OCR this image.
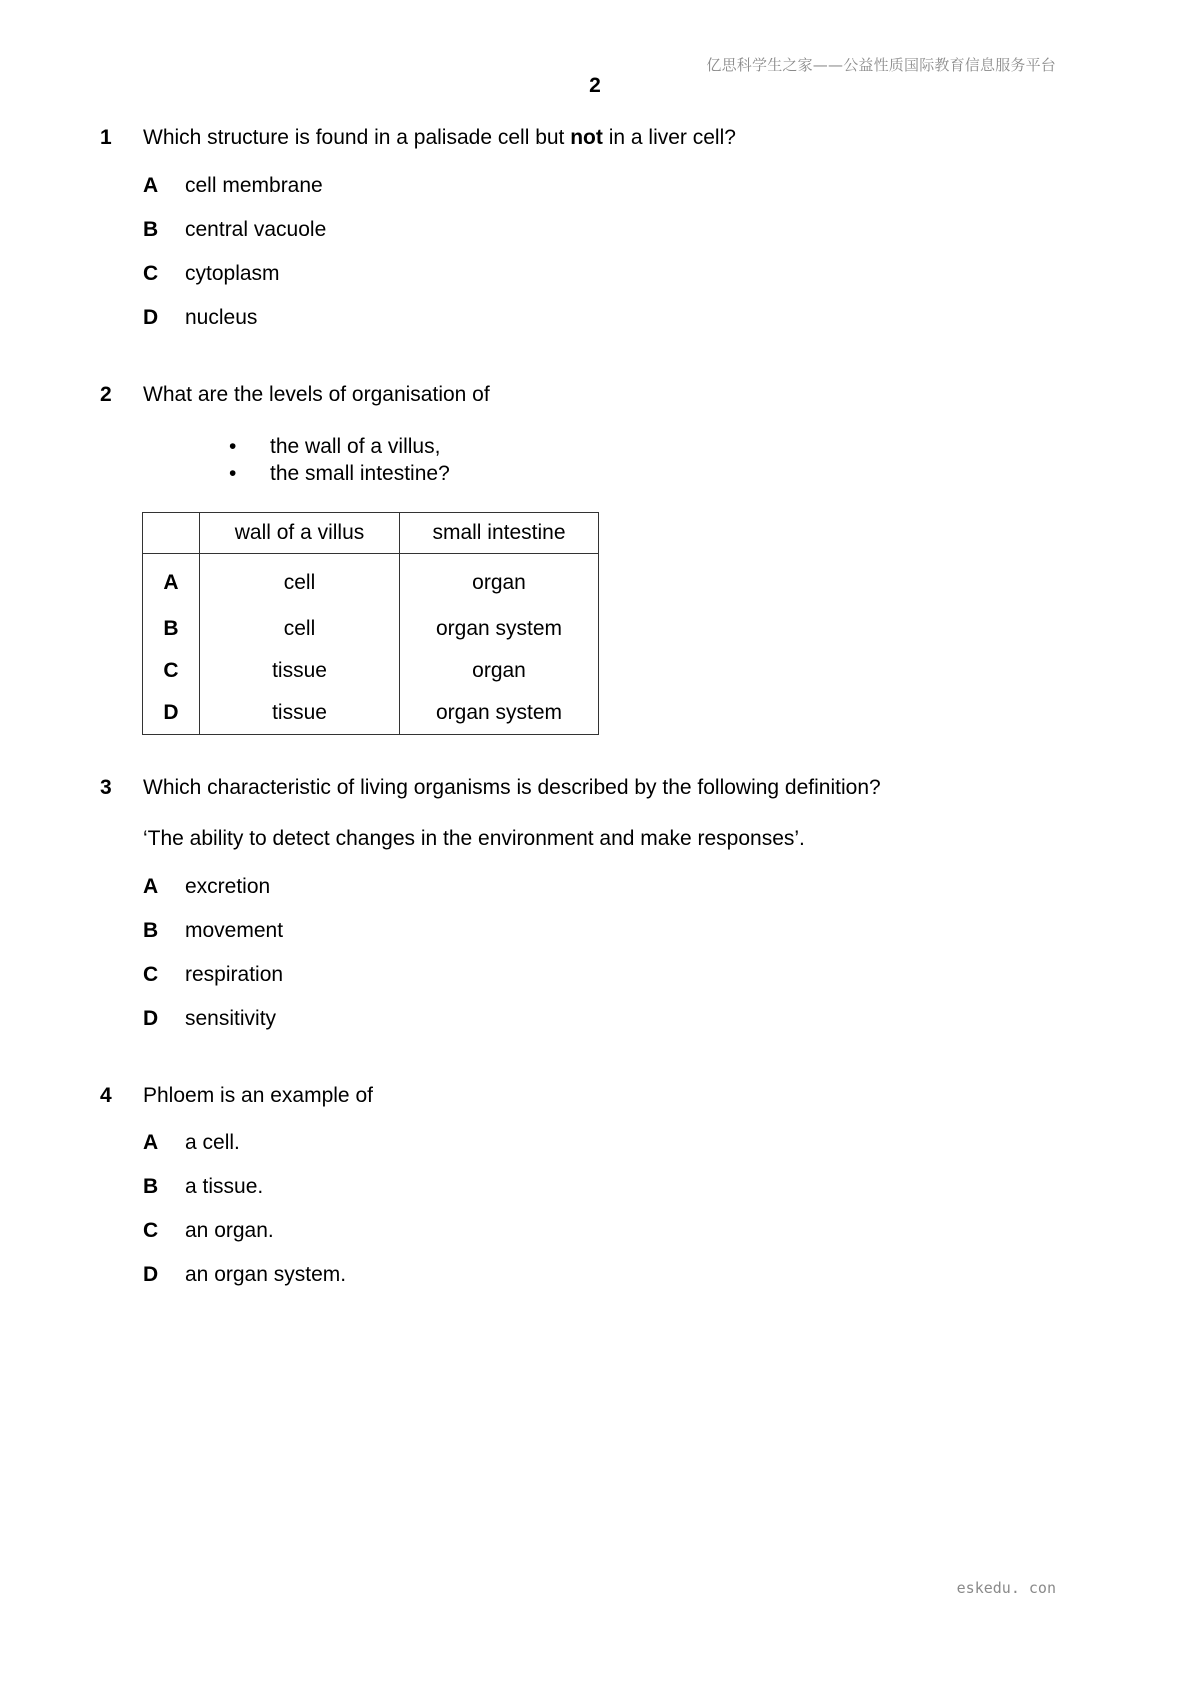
亿思科学生之家——公益性质国际教育信息服务平台
2
1 Which structure is found in a palisade cell but not in a liver cell?
A cell membrane
B central vacuole
C cytoplasm
D nucleus
2 What are the levels of organisation of
• the wall of a villus,
• the small intestine?
	wall of a villus	small intestine
A	cell	organ
B	cell	organ system
C	tissue	organ
D	tissue	organ system
3 Which characteristic of living organisms is described by the following definition?
‘The ability to detect changes in the environment and make responses’.
A excretion
B movement
C respiration
D sensitivity
4 Phloem is an example of
A a cell.
B a tissue.
C an organ.
D an organ system.
eskedu. con
